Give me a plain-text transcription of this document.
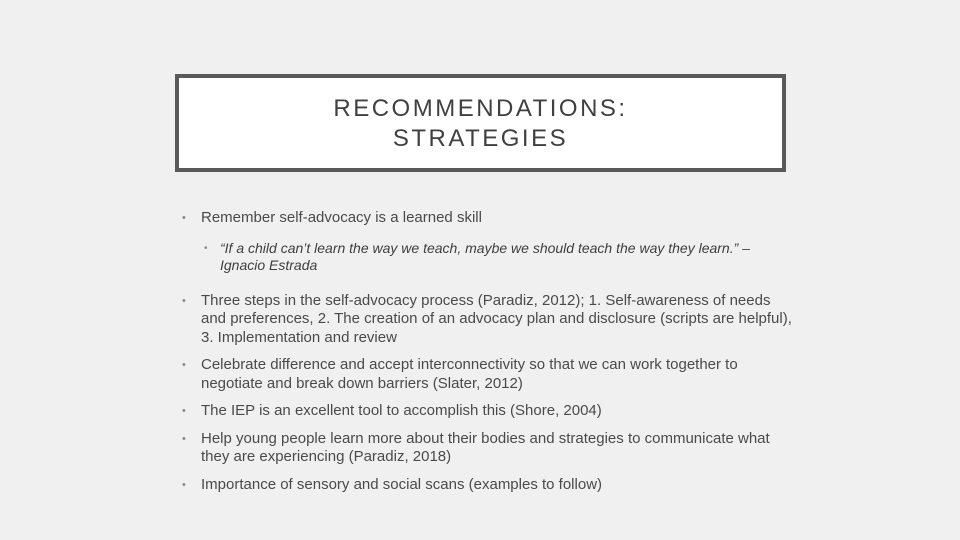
RECOMMENDATIONS:
STRATEGIES
• Remember self-advocacy is a learned skill
• “If a child can’t learn the way we teach, maybe we should teach the way they learn.” – Ignacio Estrada
• Three steps in the self-advocacy process (Paradiz, 2012); 1. Self-awareness of needs and preferences, 2. The creation of an advocacy plan and disclosure (scripts are helpful), 3. Implementation and review
• Celebrate difference and accept interconnectivity so that we can work together to negotiate and break down barriers (Slater, 2012)
• The IEP is an excellent tool to accomplish this (Shore, 2004)
• Help young people learn more about their bodies and strategies to communicate what they are experiencing (Paradiz, 2018)
• Importance of sensory and social scans (examples to follow)
